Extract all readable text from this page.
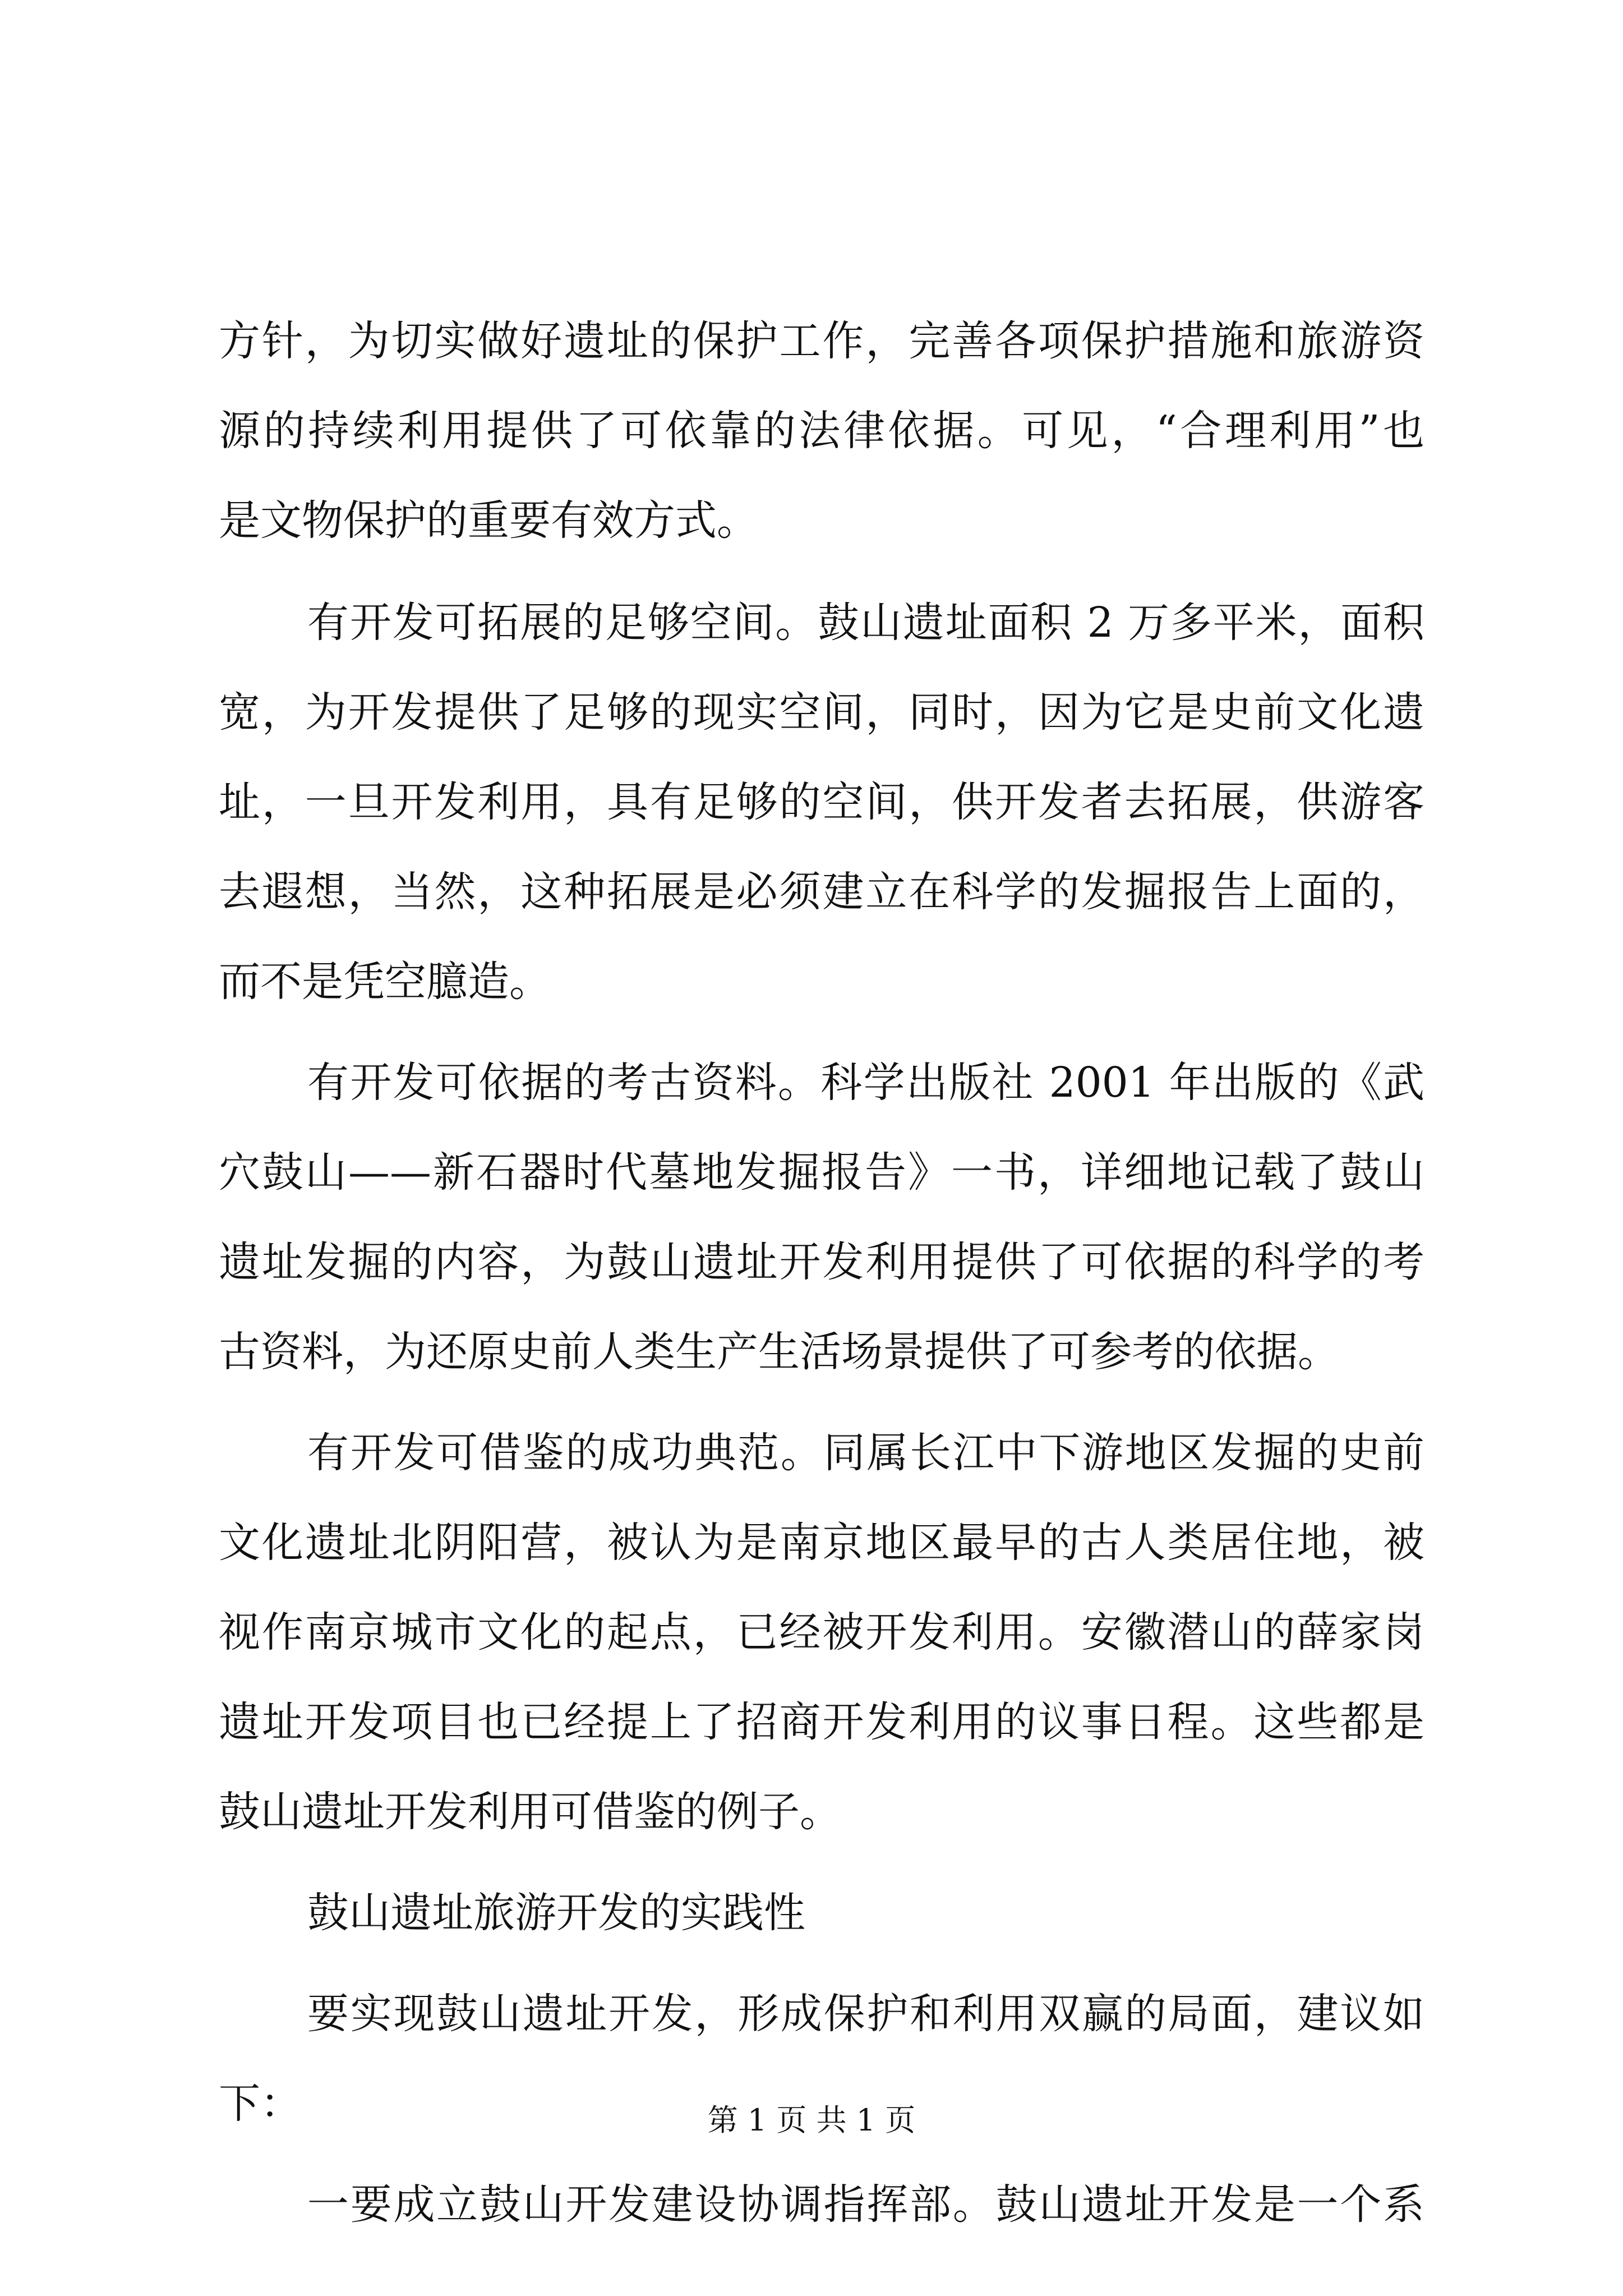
方针，为切实做好遗址的保护工作，完善各项保护措施和旅游资
源的持续利用提供了可依靠的法律依据。可见，“合理利用”也
是文物保护的重要有效方式。
有开发可拓展的足够空间。鼓山遗址面积 2 万多平米，面积
宽，为开发提供了足够的现实空间，同时，因为它是史前文化遗
址，一旦开发利用，具有足够的空间，供开发者去拓展，供游客
去遐想，当然，这种拓展是必须建立在科学的发掘报告上面的，
而不是凭空臆造。
有开发可依据的考古资料。科学出版社 2001 年出版的《武
穴鼓山——新石器时代墓地发掘报告》一书，详细地记载了鼓山
遗址发掘的内容，为鼓山遗址开发利用提供了可依据的科学的考
古资料，为还原史前人类生产生活场景提供了可参考的依据。
有开发可借鉴的成功典范。同属长江中下游地区发掘的史前
文化遗址北阴阳营，被认为是南京地区最早的古人类居住地，被
视作南京城市文化的起点，已经被开发利用。安徽潜山的薛家岗
遗址开发项目也已经提上了招商开发利用的议事日程。这些都是
鼓山遗址开发利用可借鉴的例子。
鼓山遗址旅游开发的实践性
要实现鼓山遗址开发，形成保护和利用双赢的局面，建议如
下：
一要成立鼓山开发建设协调指挥部。鼓山遗址开发是一个系
第 1 页 共 1 页
